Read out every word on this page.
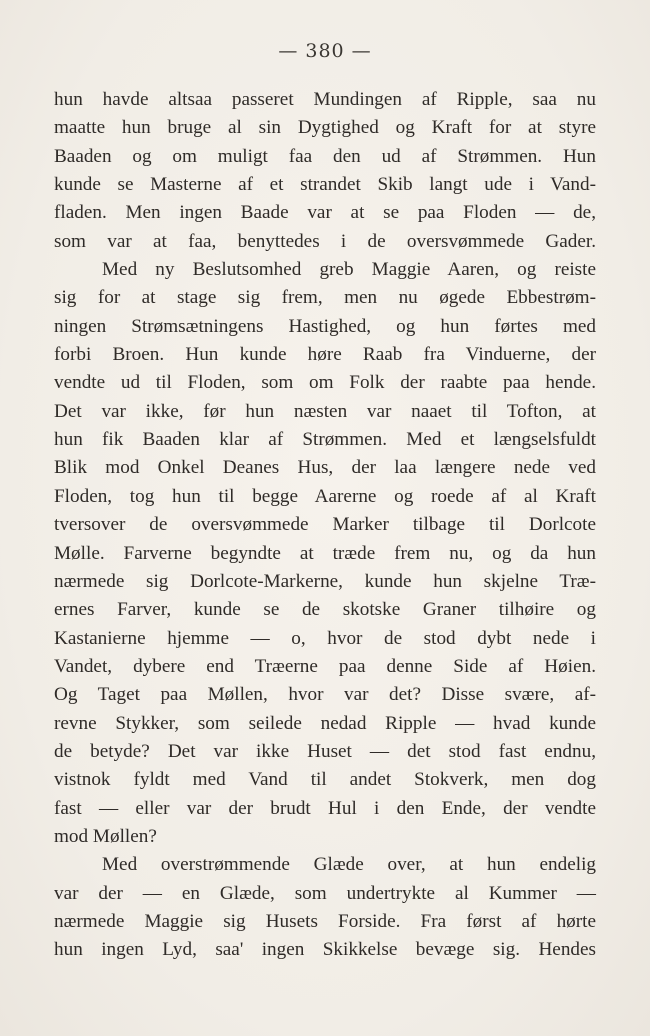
— 380 —
hun havde altsaa passeret Mundingen af Ripple, saa nu
maatte hun bruge al sin Dygtighed og Kraft for at styre
Baaden og om muligt faa den ud af Strømmen. Hun
kunde se Masterne af et strandet Skib langt ude i Vand-
fladen. Men ingen Baade var at se paa Floden — de,
som var at faa, benyttedes i de oversvømmede Gader.
Med ny Beslutsomhed greb Maggie Aaren, og reiste
sig for at stage sig frem, men nu øgede Ebbestrøm-
ningen Strømsætningens Hastighed, og hun førtes med
forbi Broen. Hun kunde høre Raab fra Vinduerne, der
vendte ud til Floden, som om Folk der raabte paa hende.
Det var ikke, før hun næsten var naaet til Tofton, at
hun fik Baaden klar af Strømmen. Med et længselsfuldt
Blik mod Onkel Deanes Hus, der laa længere nede ved
Floden, tog hun til begge Aarerne og roede af al Kraft
tversover de oversvømmede Marker tilbage til Dorlcote
Mølle. Farverne begyndte at træde frem nu, og da hun
nærmede sig Dorlcote-Markerne, kunde hun skjelne Træ-
ernes Farver, kunde se de skotske Graner tilhøire og
Kastanierne hjemme — o, hvor de stod dybt nede i
Vandet, dybere end Træerne paa denne Side af Høien.
Og Taget paa Møllen, hvor var det? Disse svære, af-
revne Stykker, som seilede nedad Ripple — hvad kunde
de betyde? Det var ikke Huset — det stod fast endnu,
vistnok fyldt med Vand til andet Stokverk, men dog
fast — eller var der brudt Hul i den Ende, der vendte
mod Møllen?
Med overstrømmende Glæde over, at hun endelig
var der — en Glæde, som undertrykte al Kummer —
nærmede Maggie sig Husets Forside. Fra først af hørte
hun ingen Lyd, saa' ingen Skikkelse bevæge sig. Hendes
